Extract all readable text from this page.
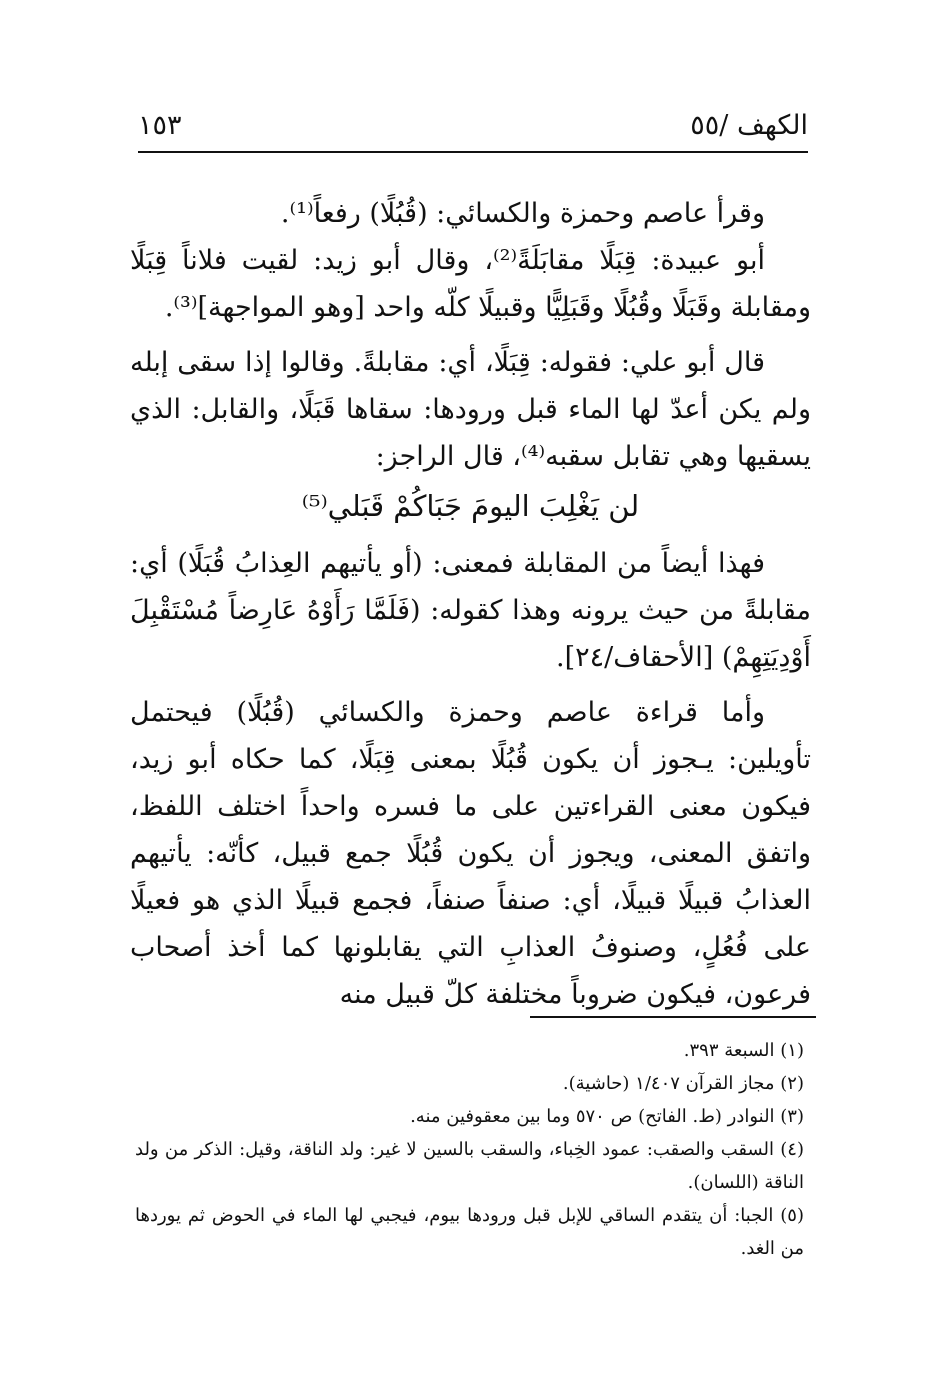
الكهف /٥٥
١٥٣

وقرأ عاصم وحمزة والكسائي: (قُبُلًا) رفعاً⁽¹⁾.

أبو عبيدة: قِبَلًا مقابَلَةً⁽²⁾، وقال أبو زيد: لقيت فلاناً قِبَلًا ومقابلة وقَبَلًا وقُبُلًا وقَبَلِيًّا وقبيلًا كلّه واحد [وهو المواجهة]⁽³⁾.

قال أبو علي: فقوله: قِبَلًا، أي: مقابلةً. وقالوا إذا سقى إبله ولم يكن أعدّ لها الماء قبل ورودها: سقاها قَبَلًا، والقابل: الذي يسقيها وهي تقابل سقبه⁽⁴⁾، قال الراجز:

لن يَغْلِبَ اليومَ جَبَاكُمْ قَبَلي⁽⁵⁾

فهذا أيضاً من المقابلة فمعنى: (أو يأتيهم العِذابُ قُبَلًا) أي: مقابلةً من حيث يرونه وهذا كقوله: (فَلَمَّا رَأَوْهُ عَارِضاً مُسْتَقْبِلَ أَوْدِيَتِهِمْ) [الأحقاف/٢٤].

وأما قراءة عاصم وحمزة والكسائي (قُبُلًا) فيحتمل تأويلين: يـجوز أن يكون قُبُلًا بمعنى قِبَلًا، كما حكاه أبو زيد، فيكون معنى القراءتين على ما فسره واحداً اختلف اللفظ، واتفق المعنى، ويجوز أن يكون قُبُلًا جمع قبيل، كأنّه: يأتيهم العذابُ قبيلًا قبيلًا، أي: صنفاً صنفاً، فجمع قبيلًا الذي هو فعيلًا على فُعُلٍ، وصنوفُ العذابِ التي يقابلونها كما أخذ أصحاب فرعون، فيكون ضروباً مختلفة كلّ قبيل منه

(١) السبعة ٣٩٣.

(٢) مجاز القرآن ١/٤٠٧ (حاشية).

(٣) النوادر (ط. الفاتح) ص ٥٧٠ وما بين معقوفين منه.

(٤) السقب والصقب: عمود الخِباء، والسقب بالسين لا غير: ولد الناقة، وقيل: الذكر من ولد الناقة (اللسان).

(٥) الجبا: أن يتقدم الساقي للإبل قبل ورودها بيوم، فيجبي لها الماء في الحوض ثم يوردها من الغد.
